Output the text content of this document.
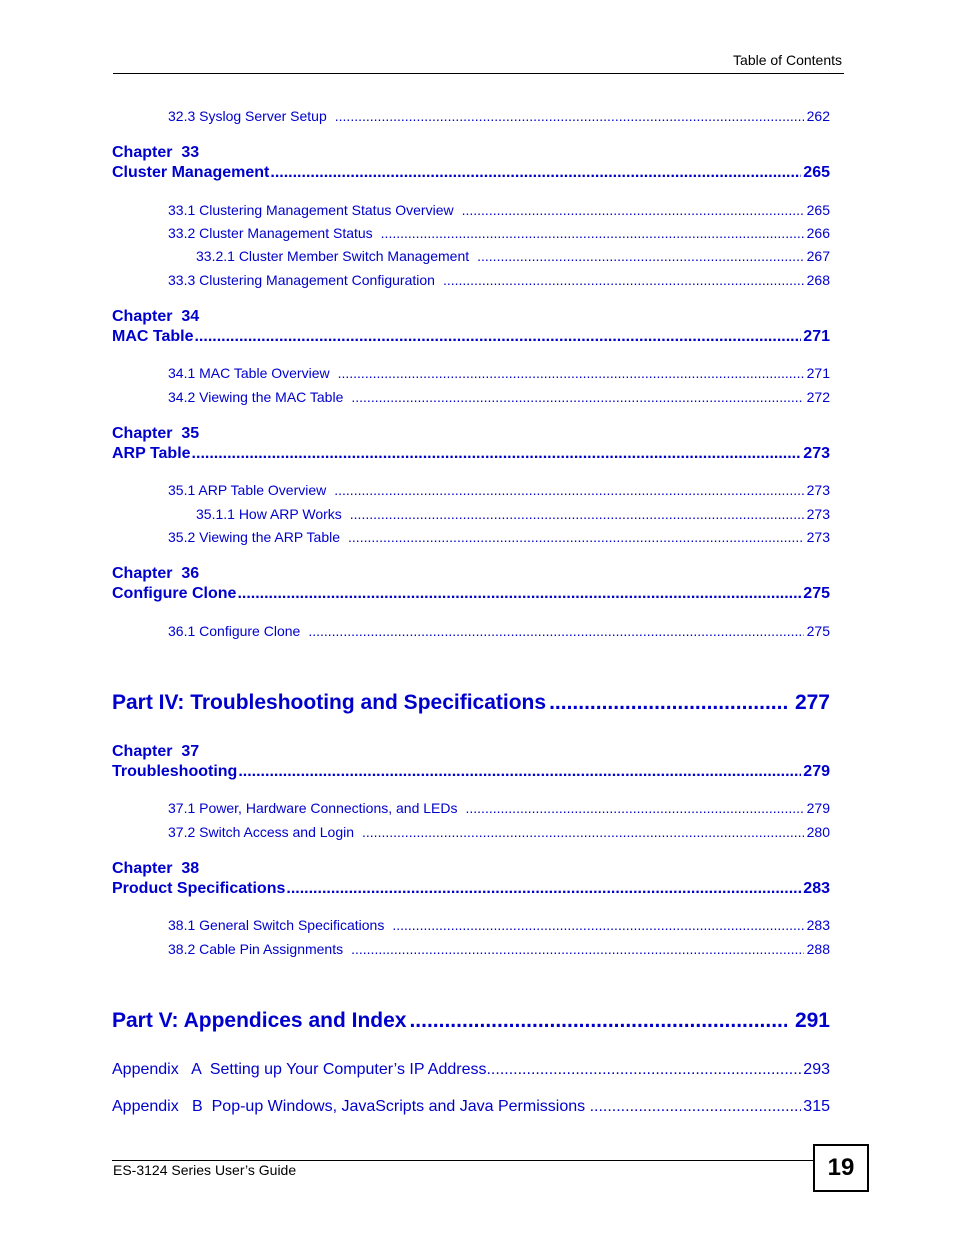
Table of Contents
32.3 Syslog Server Setup .....	262
Chapter  33
Cluster Management .....	265
33.1 Clustering Management Status Overview .....	265
33.2 Cluster Management Status .....	266
33.2.1 Cluster Member Switch Management .....	267
33.3 Clustering Management Configuration .....	268
Chapter  34
MAC Table .....	271
34.1 MAC Table Overview .....	271
34.2 Viewing the MAC Table .....	272
Chapter  35
ARP Table .....	273
35.1 ARP Table Overview .....	273
35.1.1 How ARP Works .....	273
35.2 Viewing the ARP Table .....	273
Chapter  36
Configure Clone .....	275
36.1 Configure Clone .....	275
Part IV: Troubleshooting and Specifications .....	277
Chapter  37
Troubleshooting .....	279
37.1 Power, Hardware Connections, and LEDs .....	279
37.2 Switch Access and Login .....	280
Chapter  38
Product Specifications .....	283
38.1 General Switch Specifications .....	283
38.2 Cable Pin Assignments .....	288
Part V: Appendices and Index .....	291
Appendix   A  Setting up Your Computer’s IP Address .....	293
Appendix   B  Pop-up Windows, JavaScripts and Java Permissions .....	315
ES-3124 Series User’s Guide	19
